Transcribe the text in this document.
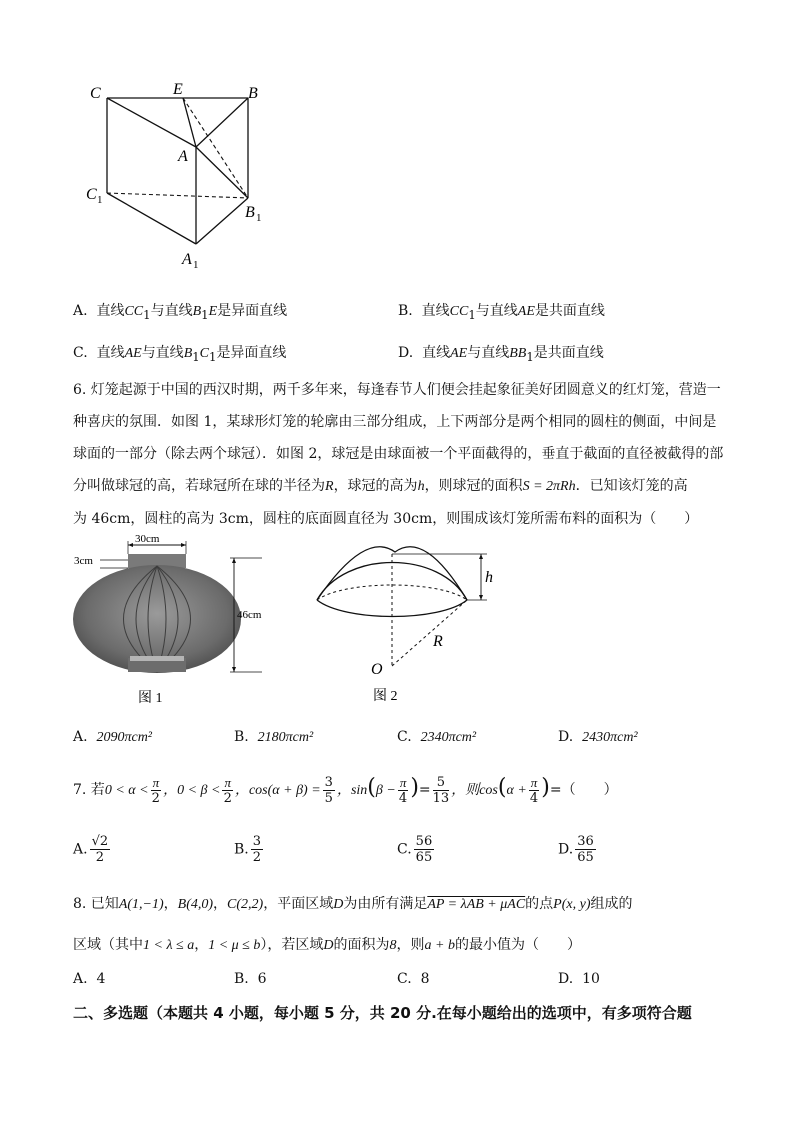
C	E	B
A
C 1
B 1
A 1
A. 直线$CC_1$与直线$B_1E$是异面直线	B. 直线$CC_1$与直线AE是共面直线
C. 直线AE与直线$B_1C_1$是异面直线	D. 直线AE与直线$BB_1$是共面直线
6. 灯笼起源于中国的西汉时期，两千多年来，每逢春节人们便会挂起象征美好团圆意义的红灯笼，营造一
种喜庆的氛围．如图 1，某球形灯笼的轮廓由三部分组成，上下两部分是两个相同的圆柱的侧面，中间是
球面的一部分（除去两个球冠）．如图 2，球冠是由球面被一个平面截得的，垂直于截面的直径被截得的部
分叫做球冠的高，若球冠所在球的半径为R，球冠的高为h，则球冠的面积S = 2πRh．已知该灯笼的高
为 46cm，圆柱的高为 3cm，圆柱的底面圆直径为 30cm，则围成该灯笼所需布料的面积为（　　）
30cm
3cm
46cm
图 1
h
R
O
图 2
A. 2090πcm²	B. 2180πcm²	C. 2340πcm²	D. 2430πcm²
7. 若$0 < \alpha < \frac{\pi}{2}$ ，$0 < \beta < \frac{\pi}{2}$ ，$\cos(\alpha + \beta) = \frac{3}{5}$ ，$\sin(\beta - \frac{\pi}{4}$ )= $\frac{5}{13}$ ，则$\cos(\alpha + \frac{\pi}{4}$ )=（　　）
A. $\frac{√2}{2}$	B. $\frac{3}{2}$	C. $\frac{56}{65}$	D. $\frac{36}{65}$
8. 已知A(1,−1)，B(4,0)，C(2,2)，平面区域D为由所有满足AP = λAB + μAC的点P(x, y)组成的
区域（其中1 < λ ≤ a，1 < μ ≤ b），若区域D的面积为8，则a + b的最小值为（　　）
A. 4	B. 6	C. 8	D. 10
二、多选题（本题共 4 小题，每小题 5 分，共 20 分.在每小题给出的选项中，有多项符合题
